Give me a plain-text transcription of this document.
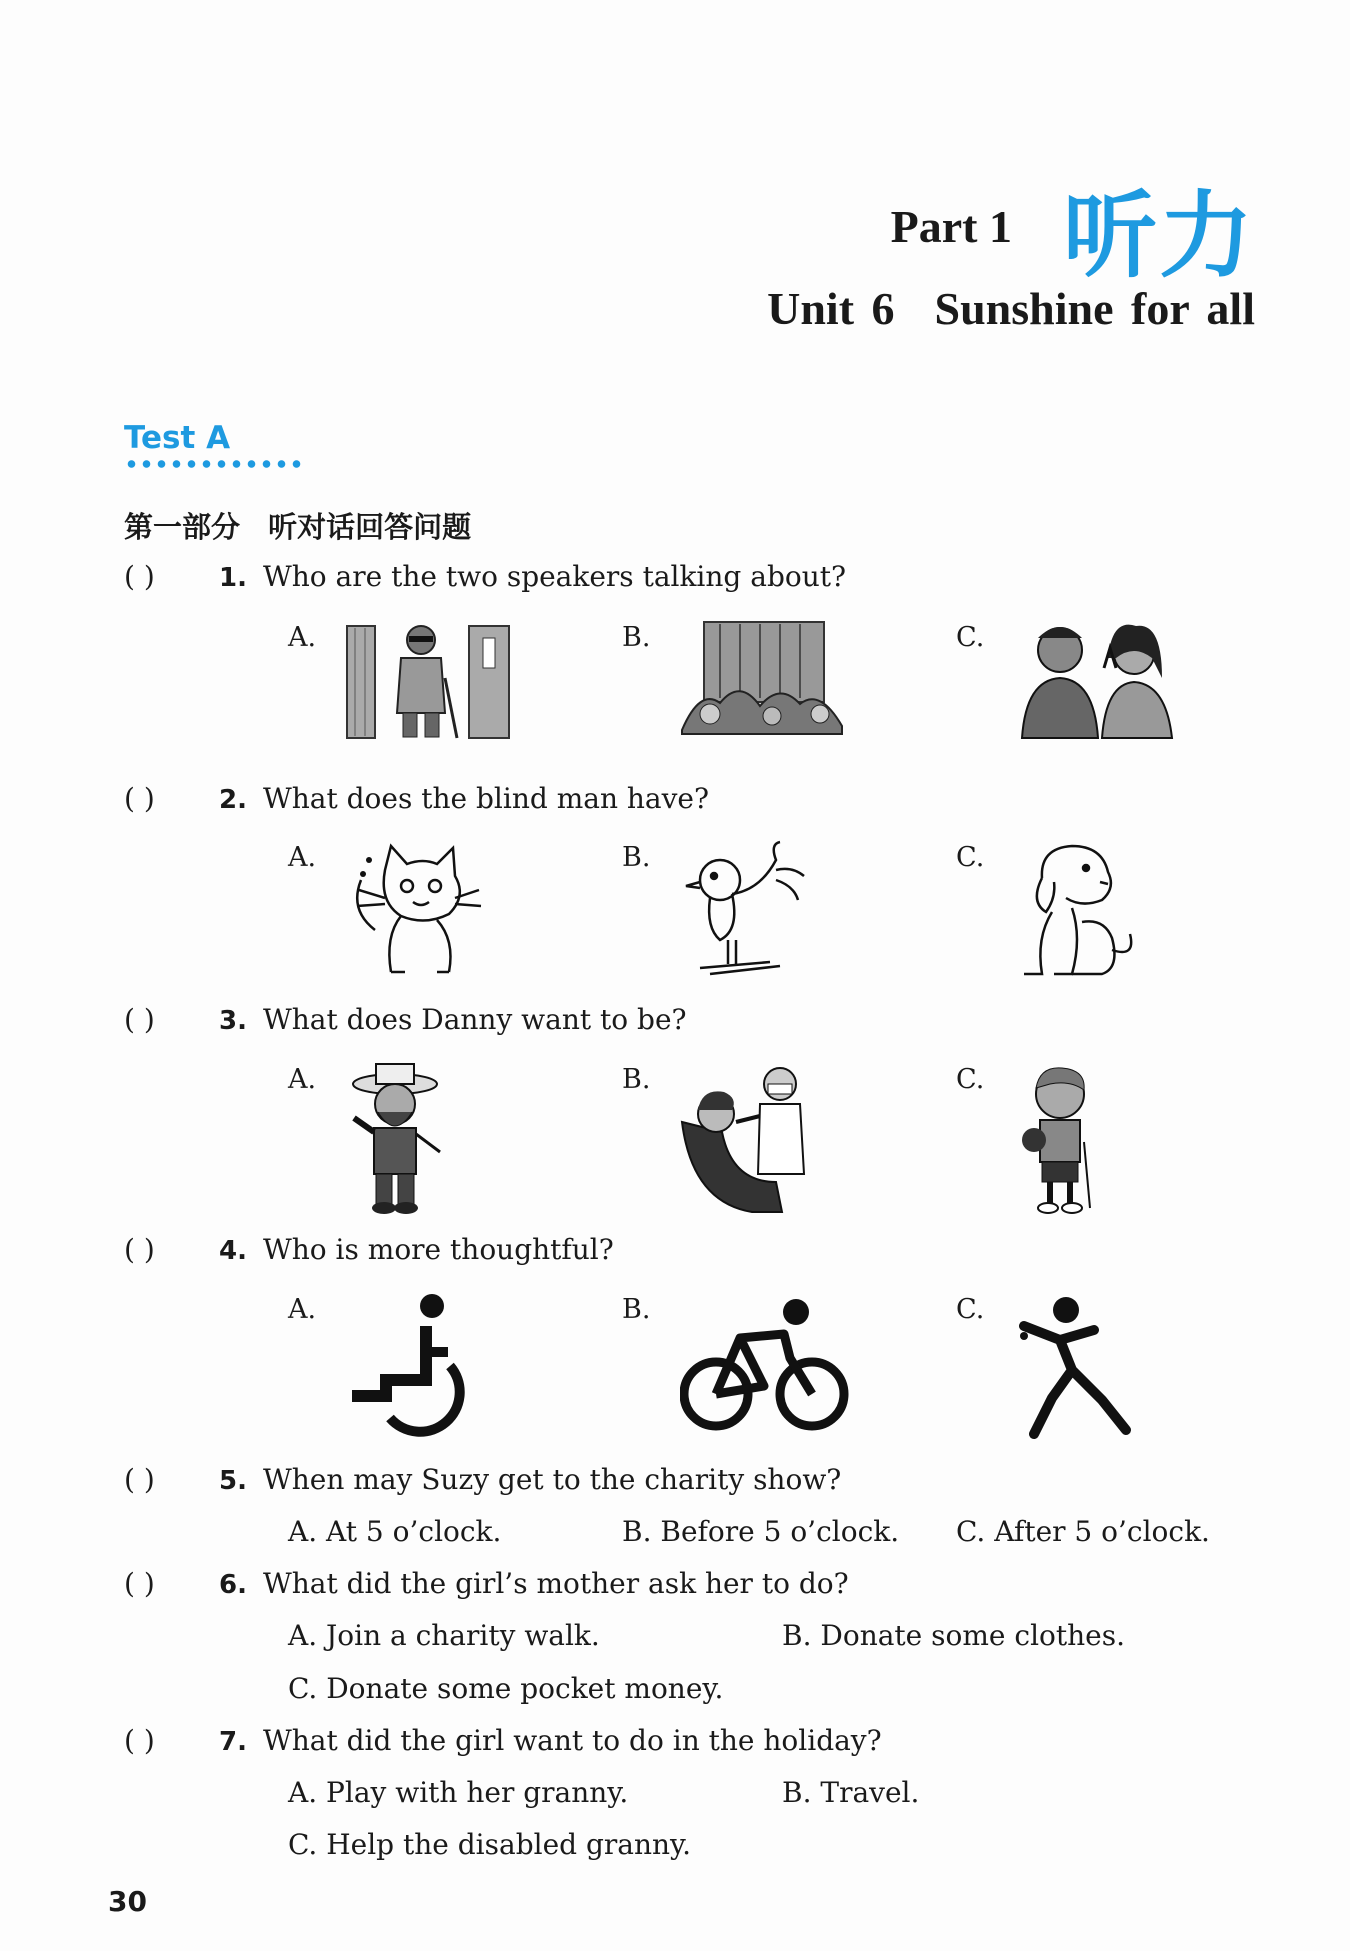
Part 1 听力
Unit 6 Sunshine for all
Test A
第一部分 听对话回答问题
( ) 1. Who are the two speakers talking about?
A.	B.	C.
( ) 2. What does the blind man have?
A.	B.	C.
( ) 3. What does Danny want to be?
A.	B.	C.
( ) 4. Who is more thoughtful?
A.	B.	C.
( ) 5. When may Suzy get to the charity show?
A. At 5 o’clock.	B. Before 5 o’clock. C. After 5 o’clock.
( ) 6. What did the girl’s mother ask her to do?
A. Join a charity walk.	B. Donate some clothes.
C. Donate some pocket money.
( ) 7. What did the girl want to do in the holiday?
A. Play with her granny.	B. Travel.
C. Help the disabled granny.
30
